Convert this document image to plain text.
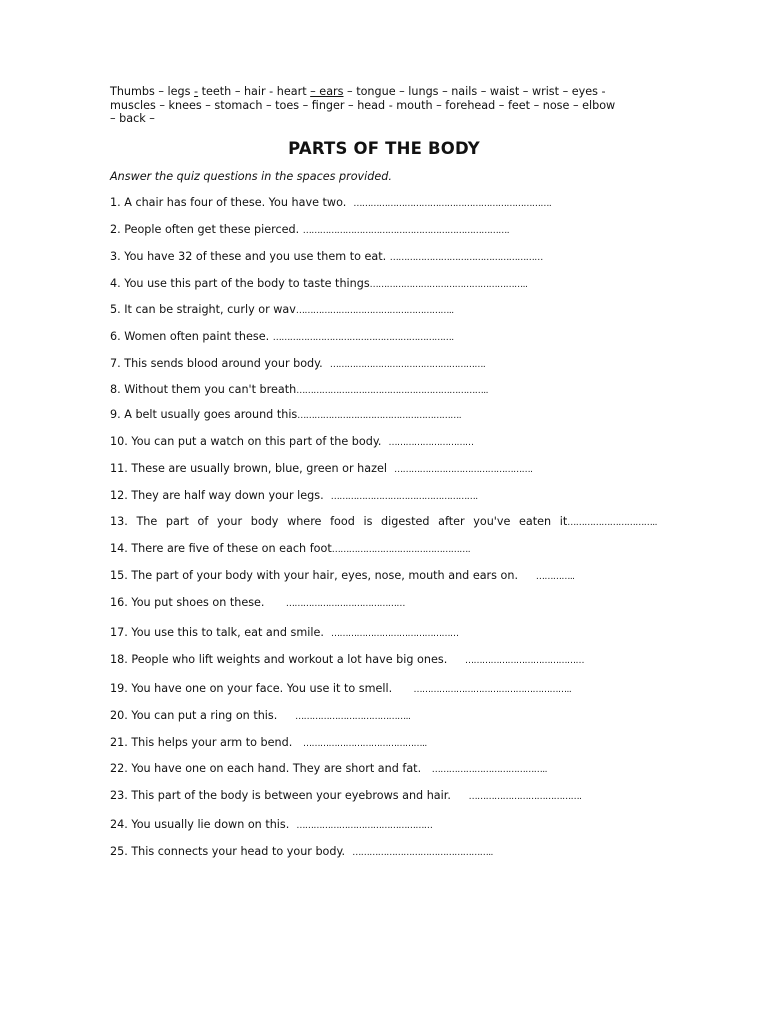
Thumbs – legs - teeth – hair - heart – ears – tongue – lungs – nails – waist – wrist – eyes -
muscles – knees – stomach – toes – finger – head - mouth – forehead – feet – nose – elbow
– back –
PARTS OF THE BODY
Answer the quiz questions in the spaces provided.
1. A chair has four of these. You have two.  …………………………………………………………….
2. People often get these pierced. ……………………………………………………………….
3. You have 32 of these and you use them to eat. ………………………………………………
4. You use this part of the body to taste things………………………………………………..
5. It can be straight, curly or wav………………………………………………..
6. Women often paint these. ……………………………………………………….
7. This sends blood around your body.  ……………………………………………….
8. Without them you can't breath…………………………………………………………..
9. A belt usually goes around this………………………………………………….
10. You can put a watch on this part of the body.  …………………………
11. These are usually brown, blue, green or hazel  ………………………………………….
12. They are half way down your legs.  …………………………………………….
13. The part of your body where food is digested after you've eaten it…………………………..
14. There are five of these on each foot………………………………………….
15. The part of your body with your hair, eyes, nose, mouth and ears on.     …………..
16. You put shoes on these.      ……………………………………
17. You use this to talk, eat and smile.  ………………………………………
18. People who lift weights and workout a lot have big ones.     ……………………………………
19. You have one on your face. You use it to smell.      ………………………………………………..
20. You can put a ring on this.     …………………………………..
21. This helps your arm to bend.   ……………………………………..
22. You have one on each hand. They are short and fat.   …………………………………..
23. This part of the body is between your eyebrows and hair.     ………………………………….
24. You usually lie down on this.  …………………………………………
25. This connects your head to your body.  …………………………………………..
